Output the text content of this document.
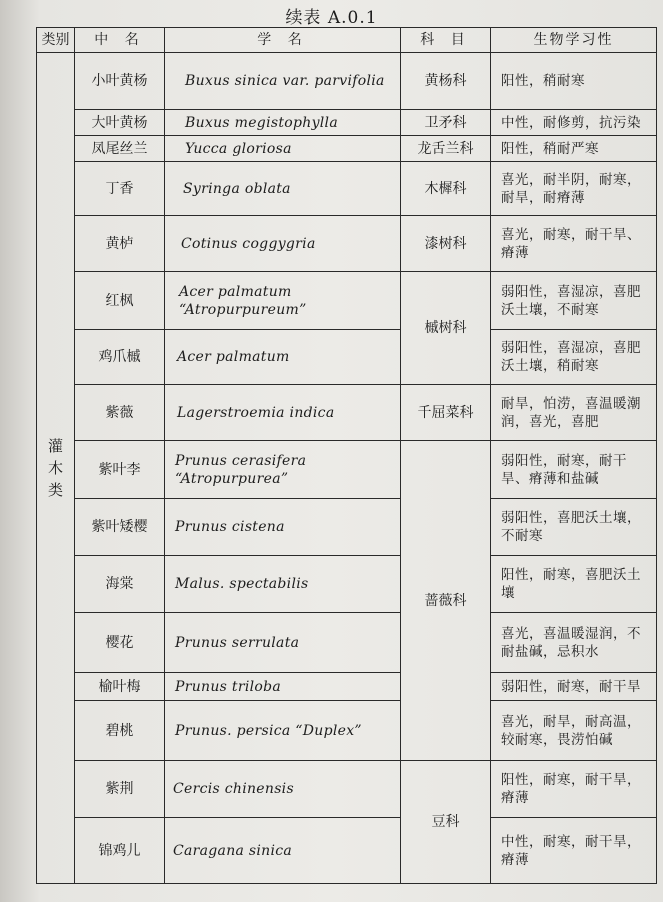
续表 A.0.1
类别	中 名	学 名	科 目	生物学习性

灌木类	小叶黄杨	Buxus sinica var. parvifolia	黄杨科	阳性，稍耐寒
	大叶黄杨	Buxus megistophylla	卫矛科	中性，耐修剪，抗污染
	凤尾丝兰	Yucca gloriosa	龙舌兰科	阳性，稍耐严寒
	丁香	Syringa oblata	木樨科	喜光，耐半阴，耐寒，耐旱，耐瘠薄
	黄栌	Cotinus coggygria	漆树科	喜光，耐寒，耐干旱、瘠薄
	红枫	Acer palmatum “Atropurpureum”	槭树科	弱阳性，喜湿凉，喜肥沃土壤，不耐寒
	鸡爪槭	Acer palmatum		弱阳性，喜湿凉，喜肥沃土壤，稍耐寒
	紫薇	Lagerstroemia indica	千屈菜科	耐旱，怕涝，喜温暖潮润，喜光，喜肥
	紫叶李	Prunus cerasifera “Atropurpurea”	蔷薇科	弱阳性，耐寒，耐干旱、瘠薄和盐碱
	紫叶矮樱	Prunus cistena		弱阳性，喜肥沃土壤，不耐寒
	海棠	Malus. spectabilis		阳性，耐寒，喜肥沃土壤
	樱花	Prunus serrulata		喜光，喜温暖湿润，不耐盐碱，忌积水
	榆叶梅	Prunus triloba		弱阳性，耐寒，耐干旱
	碧桃	Prunus. persica “Duplex”		喜光，耐旱，耐高温，较耐寒，畏涝怕碱
	紫荆	Cercis chinensis	豆科	阳性，耐寒，耐干旱，瘠薄
	锦鸡儿	Caragana sinica		中性，耐寒，耐干旱，瘠薄
